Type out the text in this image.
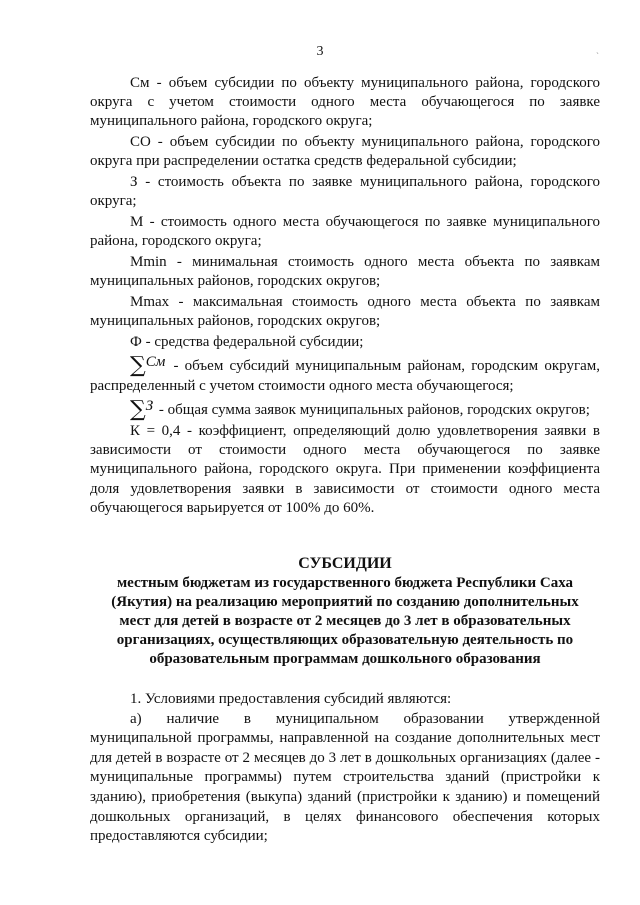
3	ˎ

См - объем субсидии по объекту муниципального района, городского округа с учетом стоимости одного места обучающегося по заявке муниципального района, городского округа;

СО - объем субсидии по объекту муниципального района, городского округа при распределении остатка средств федеральной субсидии;

З - стоимость объекта по заявке муниципального района, городского округа;

М - стоимость одного места обучающегося по заявке муниципального района, городского округа;

Mmin - минимальная стоимость одного места объекта по заявкам муниципальных районов, городских округов;

Mmax - максимальная стоимость одного места объекта по заявкам муниципальных районов, городских округов;

Ф - средства федеральной субсидии;

∑См - объем субсидий муниципальным районам, городским округам, распределенный с учетом стоимости одного места обучающегося;

∑З - общая сумма заявок муниципальных районов, городских округов;

К = 0,4 - коэффициент, определяющий долю удовлетворения заявки в зависимости от стоимости одного места обучающегося по заявке муниципального района, городского округа. При применении коэффициента доля удовлетворения заявки в зависимости от стоимости одного места обучающегося варьируется от 100% до 60%.

СУБСИДИИ
местным бюджетам из государственного бюджета Республики Саха (Якутия) на реализацию мероприятий по созданию дополнительных мест для детей в возрасте от 2 месяцев до 3 лет в образовательных организациях, осуществляющих образовательную деятельность по образовательным программам дошкольного образования

1. Условиями предоставления субсидий являются:

а) наличие в муниципальном образовании утвержденной муниципальной программы, направленной на создание дополнительных мест для детей в возрасте от 2 месяцев до 3 лет в дошкольных организациях (далее - муниципальные программы) путем строительства зданий (пристройки к зданию), приобретения (выкупа) зданий (пристройки к зданию) и помещений дошкольных организаций, в целях финансового обеспечения которых предоставляются субсидии;
